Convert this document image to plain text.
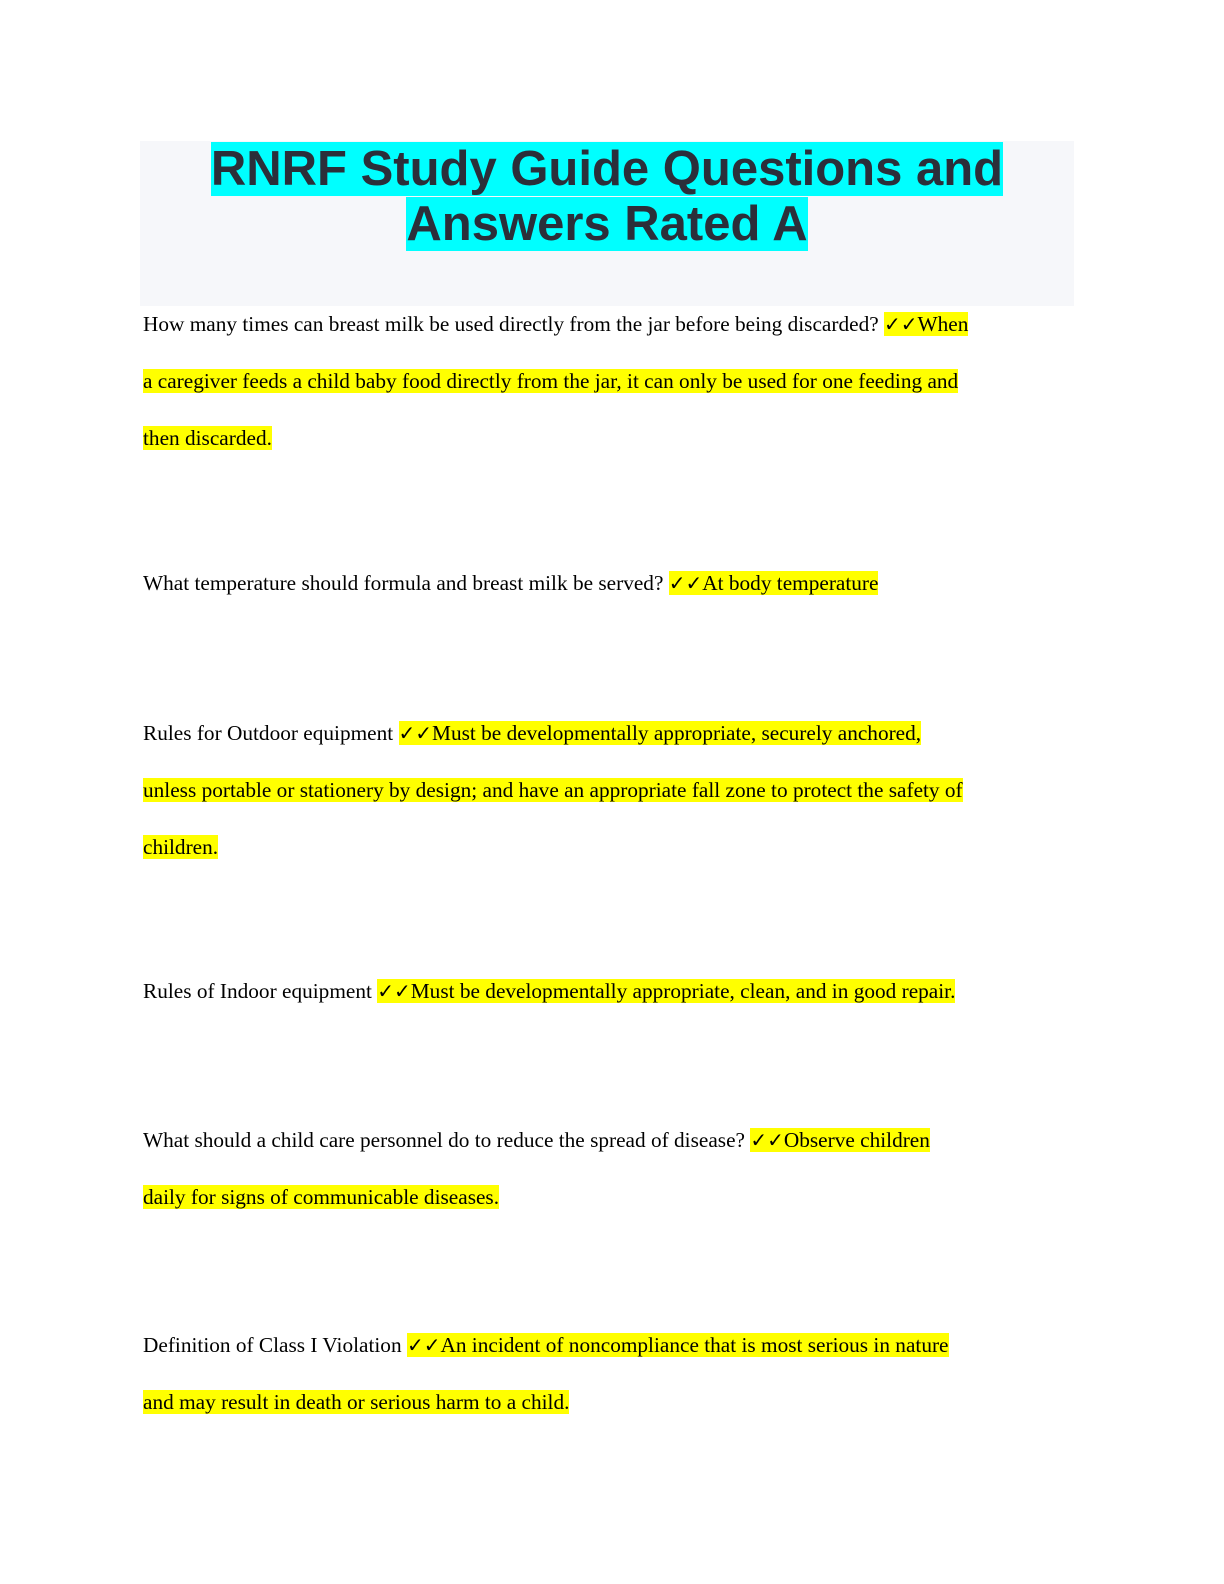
RNRF Study Guide Questions and
Answers Rated A

How many times can breast milk be used directly from the jar before being discarded? ✓✓When
a caregiver feeds a child baby food directly from the jar, it can only be used for one feeding and
then discarded.

What temperature should formula and breast milk be served? ✓✓At body temperature

Rules for Outdoor equipment ✓✓Must be developmentally appropriate, securely anchored,
unless portable or stationery by design; and have an appropriate fall zone to protect the safety of
children.

Rules of Indoor equipment ✓✓Must be developmentally appropriate, clean, and in good repair.

What should a child care personnel do to reduce the spread of disease? ✓✓Observe children
daily for signs of communicable diseases.

Definition of Class I Violation ✓✓An incident of noncompliance that is most serious in nature
and may result in death or serious harm to a child.
